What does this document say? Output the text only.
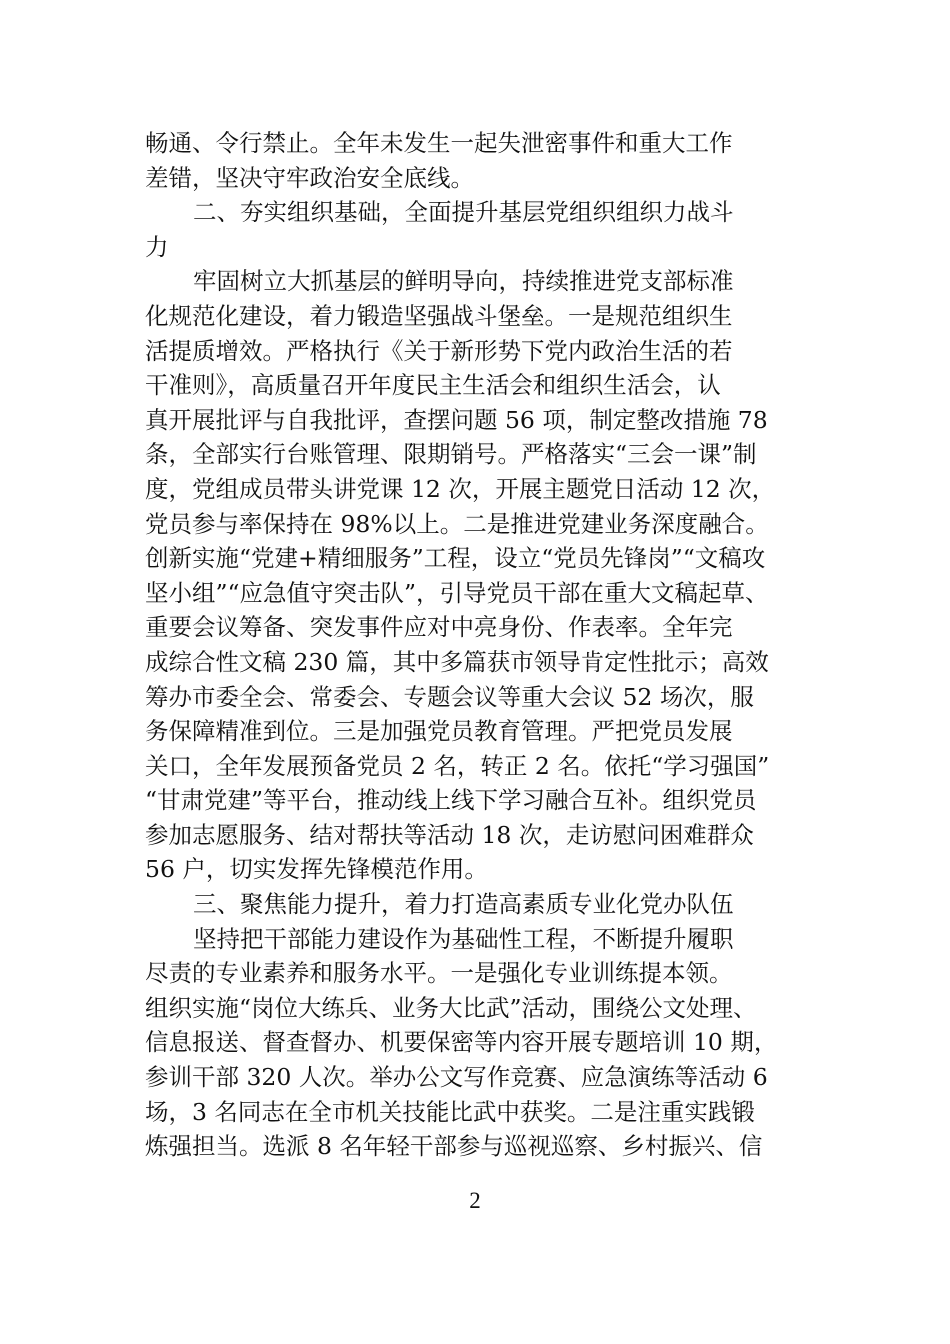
畅通、令行禁止。全年未发生一起失泄密事件和重大工作
差错，坚决守牢政治安全底线。
二、夯实组织基础，全面提升基层党组织组织力战斗
力
牢固树立大抓基层的鲜明导向，持续推进党支部标准
化规范化建设，着力锻造坚强战斗堡垒。一是规范组织生
活提质增效。严格执行《关于新形势下党内政治生活的若
干准则》，高质量召开年度民主生活会和组织生活会，认
真开展批评与自我批评，查摆问题 56 项，制定整改措施 78
条，全部实行台账管理、限期销号。严格落实“三会一课”制
度，党组成员带头讲党课 12 次，开展主题党日活动 12 次，
党员参与率保持在 98%以上。二是推进党建业务深度融合。
创新实施“党建+精细服务”工程，设立“党员先锋岗”“文稿攻
坚小组”“应急值守突击队”，引导党员干部在重大文稿起草、
重要会议筹备、突发事件应对中亮身份、作表率。全年完
成综合性文稿 230 篇，其中多篇获市领导肯定性批示；高效
筹办市委全会、常委会、专题会议等重大会议 52 场次，服
务保障精准到位。三是加强党员教育管理。严把党员发展
关口，全年发展预备党员 2 名，转正 2 名。依托“学习强国”
“甘肃党建”等平台，推动线上线下学习融合互补。组织党员
参加志愿服务、结对帮扶等活动 18 次，走访慰问困难群众
56 户，切实发挥先锋模范作用。
三、聚焦能力提升，着力打造高素质专业化党办队伍
坚持把干部能力建设作为基础性工程，不断提升履职
尽责的专业素养和服务水平。一是强化专业训练提本领。
组织实施“岗位大练兵、业务大比武”活动，围绕公文处理、
信息报送、督查督办、机要保密等内容开展专题培训 10 期，
参训干部 320 人次。举办公文写作竞赛、应急演练等活动 6
场，3 名同志在全市机关技能比武中获奖。二是注重实践锻
炼强担当。选派 8 名年轻干部参与巡视巡察、乡村振兴、信
2
